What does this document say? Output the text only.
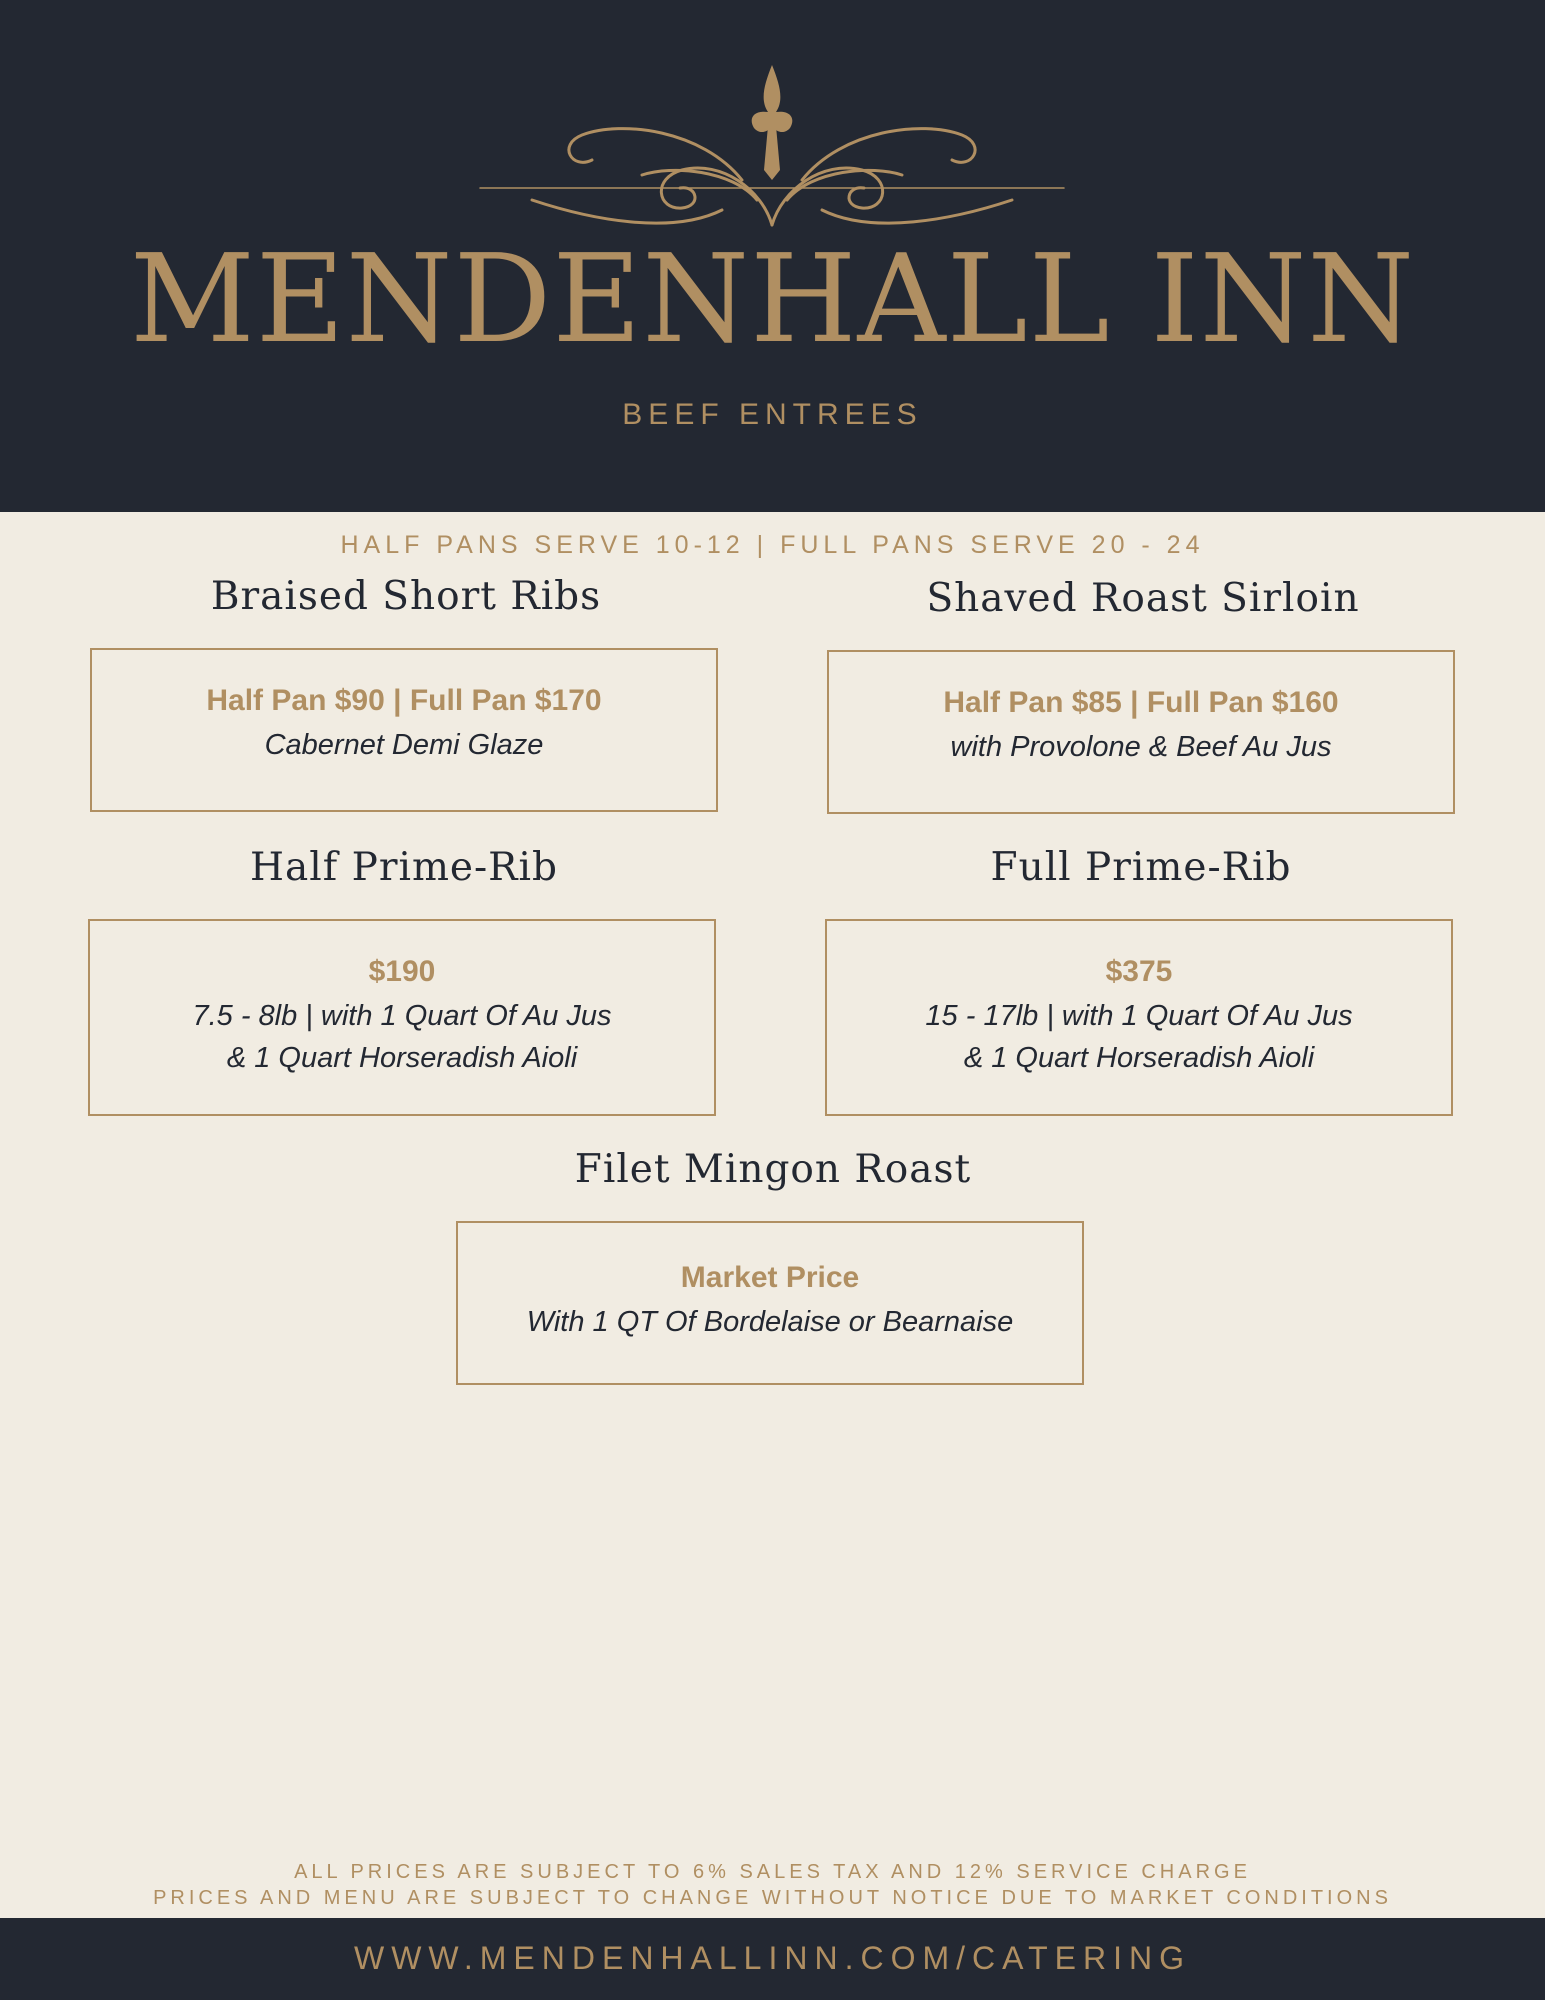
MENDENHALL INN
BEEF ENTREES
HALF PANS SERVE 10-12 | FULL PANS SERVE 20 - 24
Braised Short Ribs
Half Pan $90 | Full Pan $170
Cabernet Demi Glaze
Shaved Roast Sirloin
Half Pan $85 | Full Pan $160
with Provolone & Beef Au Jus
Half Prime-Rib
$190
7.5 - 8lb | with 1 Quart Of Au Jus
& 1 Quart Horseradish Aioli
Full Prime-Rib
$375
15 - 17lb | with 1 Quart Of Au Jus
& 1 Quart Horseradish Aioli
Filet Mingon Roast
Market Price
With 1 QT Of Bordelaise or Bearnaise
ALL PRICES ARE SUBJECT TO 6% SALES TAX AND 12% SERVICE CHARGE
PRICES AND MENU ARE SUBJECT TO CHANGE WITHOUT NOTICE DUE TO MARKET CONDITIONS
WWW.MENDENHALLINN.COM/CATERING
